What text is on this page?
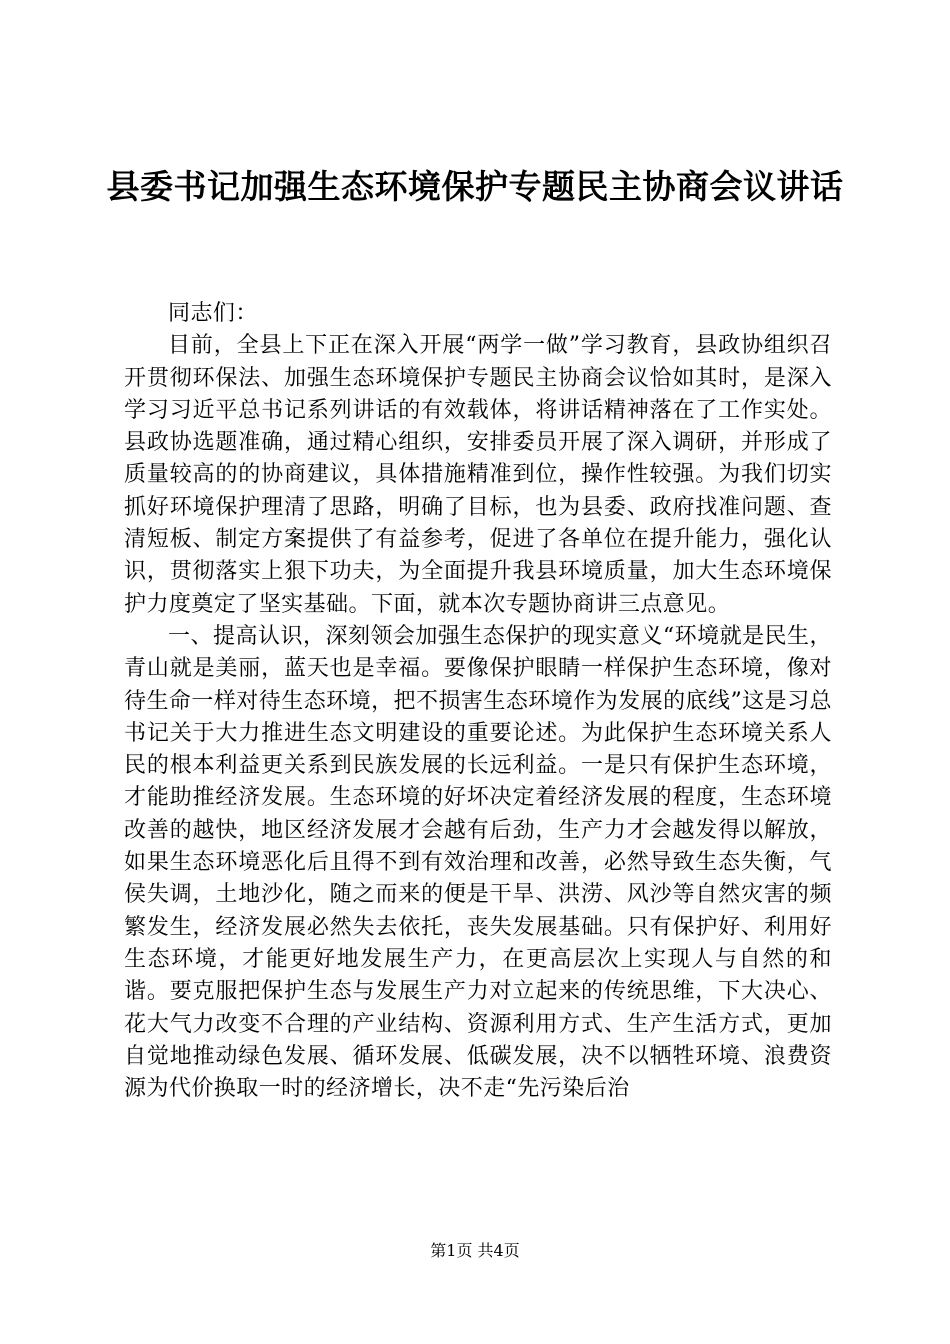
县委书记加强生态环境保护专题民主协商会议讲话

同志们：

目前，全县上下正在深入开展“两学一做”学习教育，县政协组织召开贯彻环保法、加强生态环境保护专题民主协商会议恰如其时，是深入学习习近平总书记系列讲话的有效载体，将讲话精神落在了工作实处。县政协选题准确，通过精心组织，安排委员开展了深入调研，并形成了质量较高的的协商建议，具体措施精准到位，操作性较强。为我们切实抓好环境保护理清了思路，明确了目标，也为县委、政府找准问题、查清短板、制定方案提供了有益参考，促进了各单位在提升能力，强化认识，贯彻落实上狠下功夫，为全面提升我县环境质量，加大生态环境保护力度奠定了坚实基础。下面，就本次专题协商讲三点意见。

一、提高认识，深刻领会加强生态保护的现实意义“环境就是民生，青山就是美丽，蓝天也是幸福。要像保护眼睛一样保护生态环境，像对待生命一样对待生态环境，把不损害生态环境作为发展的底线”这是习总书记关于大力推进生态文明建设的重要论述。为此保护生态环境关系人民的根本利益更关系到民族发展的长远利益。一是只有保护生态环境，才能助推经济发展。生态环境的好坏决定着经济发展的程度，生态环境改善的越快，地区经济发展才会越有后劲，生产力才会越发得以解放，如果生态环境恶化后且得不到有效治理和改善，必然导致生态失衡，气侯失调，土地沙化，随之而来的便是干旱、洪涝、风沙等自然灾害的频繁发生，经济发展必然失去依托，丧失发展基础。只有保护好、利用好生态环境，才能更好地发展生产力，在更高层次上实现人与自然的和谐。要克服把保护生态与发展生产力对立起来的传统思维，下大决心、花大气力改变不合理的产业结构、资源利用方式、生产生活方式，更加自觉地推动绿色发展、循环发展、低碳发展，决不以牺牲环境、浪费资源为代价换取一时的经济增长，决不走“先污染后治

第1页 共4页
